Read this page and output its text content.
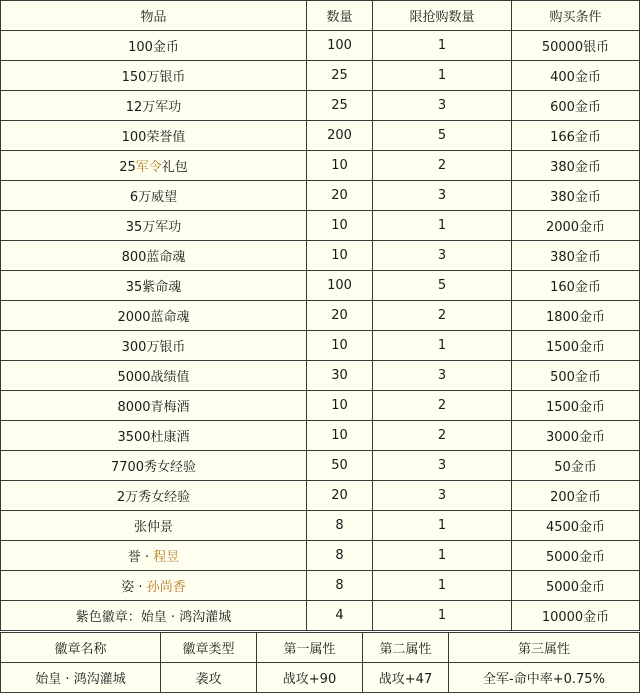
物品	数量	限抢购数量	购买条件
100金币	100	1	50000银币
150万银币	25	1	400金币
12万军功	25	3	600金币
100荣誉值	200	5	166金币
25军令礼包	10	2	380金币
6万威望	20	3	380金币
35万军功	10	1	2000金币
800蓝命魂	10	3	380金币
35紫命魂	100	5	160金币
2000蓝命魂	20	2	1800金币
300万银币	10	1	1500金币
5000战绩值	30	3	500金币
8000青梅酒	10	2	1500金币
3500杜康酒	10	2	3000金币
7700秀女经验	50	3	50金币
2万秀女经验	20	3	200金币
张仲景	8	1	4500金币
誉 · 程昱	8	1	5000金币
姿 · 孙尚香	8	1	5000金币
紫色徽章：始皇 · 鸿沟灌城	4	1	10000金币
徽章名称	徽章类型	第一属性	第二属性	第三属性
始皇 · 鸿沟灌城	袭攻	战攻+90	战攻+47	全军-命中率+0.75%
